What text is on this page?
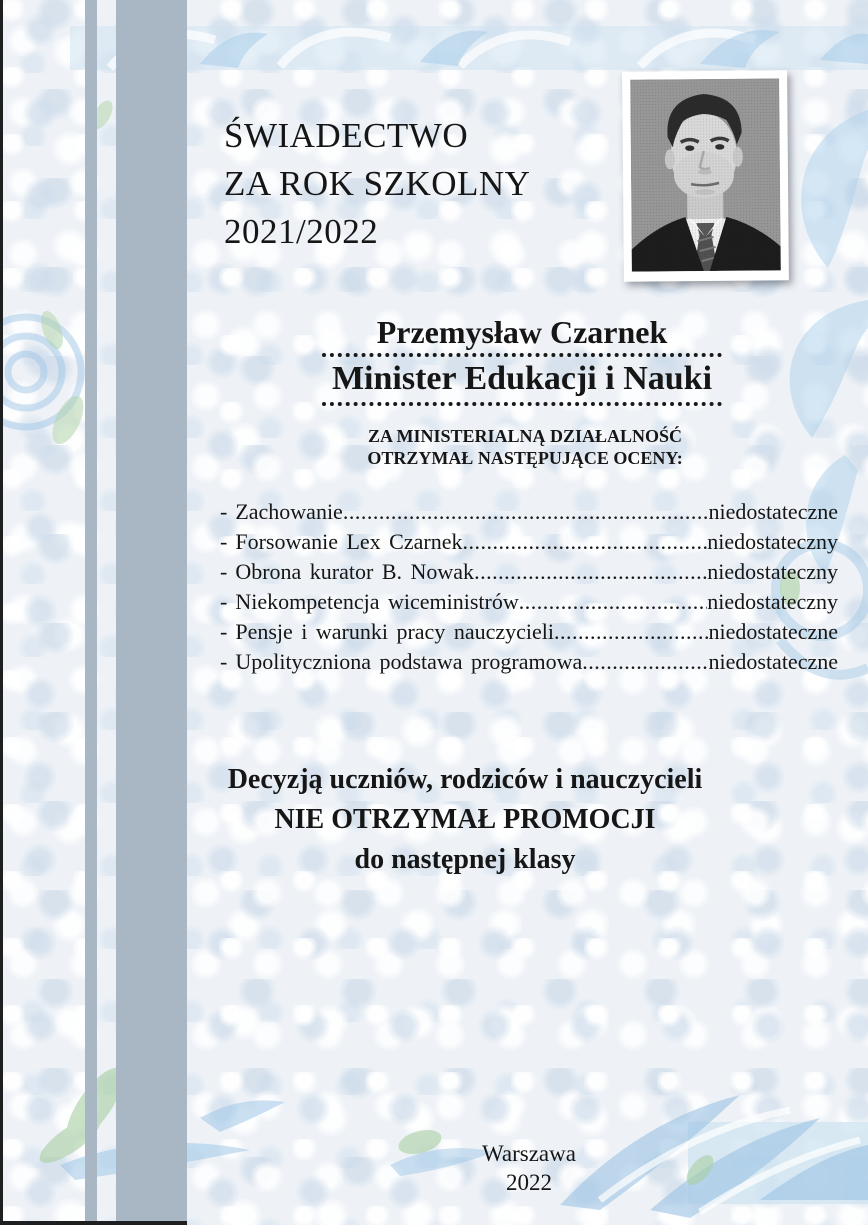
ŚWIADECTWO
ZA ROK SZKOLNY
2021/2022
Przemysław Czarnek
Minister Edukacji i Nauki
ZA MINISTERIALNĄ DZIAŁALNOŚĆ
OTRZYMAŁ NASTĘPUJĄCE OCENY:
- Zachowanie .....	niedostateczne
- Forsowanie Lex Czarnek .....	niedostateczny
- Obrona kurator B. Nowak .....	niedostateczny
- Niekompetencja wiceministrów .....	niedostateczny
- Pensje i warunki pracy nauczycieli .....	niedostateczne
- Upolityczniona podstawa programowa .....	niedostateczne
Decyzją uczniów, rodziców i nauczycieli
NIE OTRZYMAŁ PROMOCJI
do następnej klasy
Warszawa
2022
